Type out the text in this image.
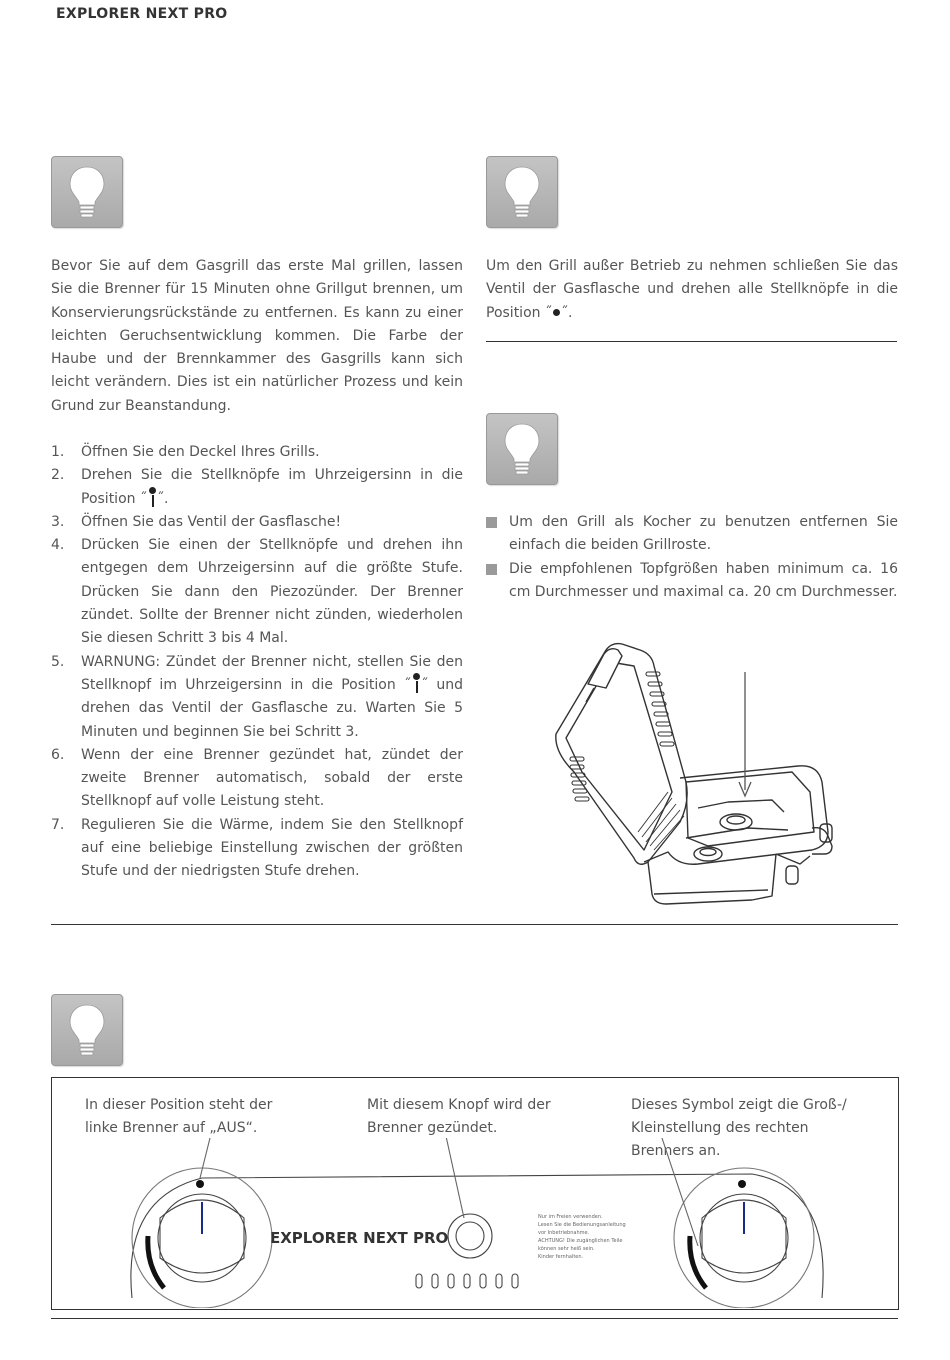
EXPLORER NEXT PRO

Bevor Sie auf dem Gasgrill das erste Mal grillen, lassen Sie die Brenner für 15 Minuten ohne Grillgut brennen, um Konservierungsrückstände zu entfernen. Es kann zu einer leichten Geruchsentwicklung kommen. Die Farbe der Haube und der Brennkammer des Gasgrills kann sich leicht verändern. Dies ist ein natürlicher Prozess und kein Grund zur Beanstandung.

1. Öffnen Sie den Deckel Ihres Grills.
2. Drehen Sie die Stellknöpfe im Uhrzeigersinn in die Position ˝ ˝.
3. Öffnen Sie das Ventil der Gasflasche!
4. Drücken Sie einen der Stellknöpfe und drehen ihn entgegen dem Uhrzeigersinn auf die größte Stufe. Drücken Sie dann den Piezozünder. Der Brenner zündet. Sollte der Brenner nicht zünden, wiederholen Sie diesen Schritt 3 bis 4 Mal.
5. WARNUNG: Zündet der Brenner nicht, stellen Sie den Stellknopf im Uhrzeigersinn in die Position ˝ ˝ und drehen das Ventil der Gasflasche zu. Warten Sie 5 Minuten und beginnen Sie bei Schritt 3.
6. Wenn der eine Brenner gezündet hat, zündet der zweite Brenner automatisch, sobald der erste Stellknopf auf volle Leistung steht.
7. Regulieren Sie die Wärme, indem Sie den Stellknopf auf eine beliebige Einstellung zwischen der größten Stufe und der niedrigsten Stufe drehen.

Um den Grill außer Betrieb zu nehmen schließen Sie das Ventil der Gasflasche und drehen alle Stellknöpfe in die Position ˝ ˝.

Um den Grill als Kocher zu benutzen entfernen Sie einfach die beiden Grillroste.
Die empfohlenen Topfgrößen haben minimum ca. 16 cm Durchmesser und maximal ca. 20 cm Durchmesser.

In dieser Position steht der linke Brenner auf „AUS“.

Mit diesem Knopf wird der Brenner gezündet.

Dieses Symbol zeigt die Groß-/ Kleinstellung des rechten Brenners an.

EXPLORER NEXT PRO
Nur im Freien verwenden.
Lesen Sie die Bedienungsanleitung
vor Inbetriebnahme.
ACHTUNG! Die zugänglichen Teile
können sehr heiß sein.
Kinder fernhalten.
